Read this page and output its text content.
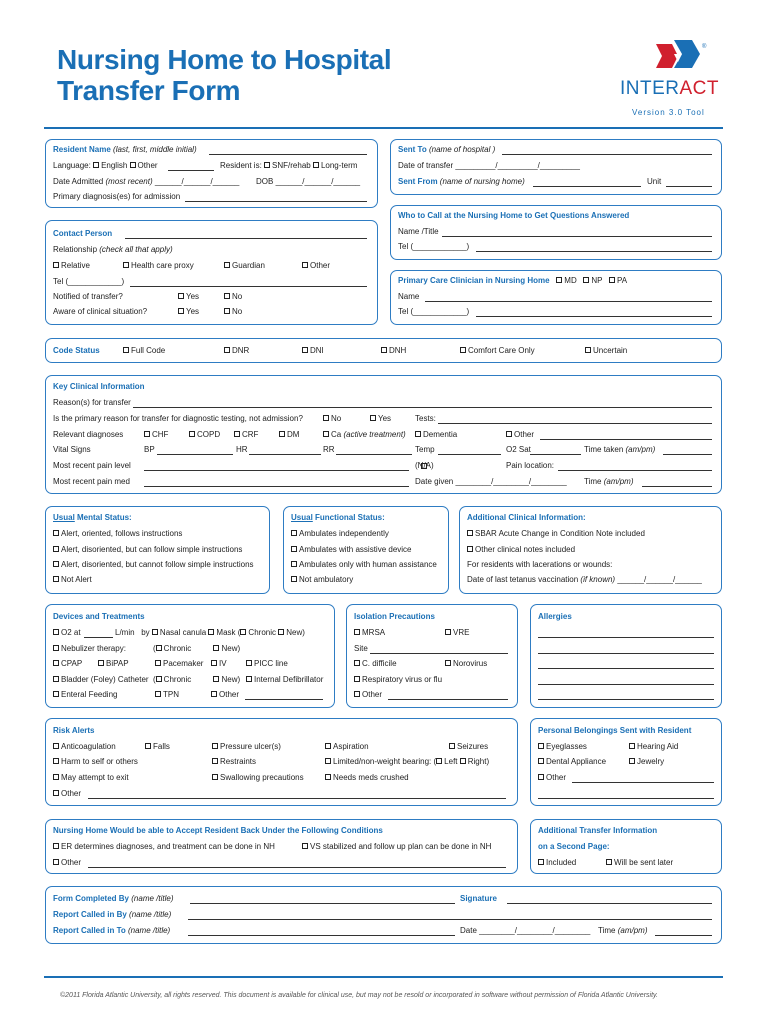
Nursing Home to Hospital
Transfer Form
®
INTERACT
Version 3.0 Tool
Resident Name (last, first, middle initial)
Language: English Other	Resident is: SNF/rehab Long-term
Date Admitted (most recent) ______/______/______ DOB ______/______/______
Primary diagnosis(es) for admission
Sent To (name of hospital )
Date of transfer _________/_________/_________
Sent From (name of nursing home)	Unit
Who to Call at the Nursing Home to Get Questions Answered
Name /Title
Tel (____________)
Contact Person
Relationship (check all that apply)
Relative	Health care proxy	Guardian	Other
Tel (____________)
Notified of transfer?	Yes	No
Aware of clinical situation?	Yes	No
Primary Care Clinician in Nursing Home MD NP PA
Name
Tel (____________)
Code Status	Full Code	DNR	DNI	DNH	Comfort Care Only	Uncertain
Key Clinical Information
Reason(s) for transfer
Is the primary reason for transfer for diagnostic testing, not admission?	No	Yes	Tests:
Relevant diagnoses	CHF	COPD	CRF	DM	Ca (active treatment)	Dementia	Other
Vital Signs	BP	HR	RR	Temp	O2 Sat	Time taken (am/pm)
Most recent pain level	(N/A)	Pain location:
Most recent pain med	Date given ________/________/________ Time (am/pm)
Usual Mental Status:
Alert, oriented, follows instructions
Alert, disoriented, but can follow simple instructions
Alert, disoriented, but cannot follow simple instructions
Not Alert
Usual Functional Status:
Ambulates independently
Ambulates with assistive device
Ambulates only with human assistance
Not ambulatory
Additional Clinical Information:
SBAR Acute Change in Condition Note included
Other clinical notes included
For residents with lacerations or wounds:
Date of last tetanus vaccination (if known) ______/______/______
Devices and Treatments
O2 at	L/min by Nasal canula Mask ( Chronic New)
Nebulizer therapy:	( Chronic	New)
CPAP	BiPAP	Pacemaker	IV	PICC line
Bladder (Foley) Catheter ( Chronic	New)	Internal Defibrillator
Enteral Feeding	TPN	Other
Isolation Precautions
MRSA	VRE
Site
C. difficile	Norovirus
Respiratory virus or flu
Other
Allergies
Risk Alerts
Anticoagulation	Falls	Pressure ulcer(s)	Aspiration	Seizures
Harm to self or others	Restraints	Limited/non-weight bearing: ( Left Right)
May attempt to exit	Swallowing precautions	Needs meds crushed
Other
Personal Belongings Sent with Resident
Eyeglasses	Hearing Aid
Dental Appliance	Jewelry
Other
Nursing Home Would be able to Accept Resident Back Under the Following Conditions
ER determines diagnoses, and treatment can be done in NH	VS stabilized and follow up plan can be done in NH
Other
Additional Transfer Information
on a Second Page:
Included	Will be sent later
Form Completed By (name /title)	Signature
Report Called in By (name /title)
Report Called in To (name /title)	Date ________/________/________ Time (am/pm)
©2011 Florida Atlantic University, all rights reserved. This document is available for clinical use, but may not be resold or incorporated in software without permission of Florida Atlantic University.
